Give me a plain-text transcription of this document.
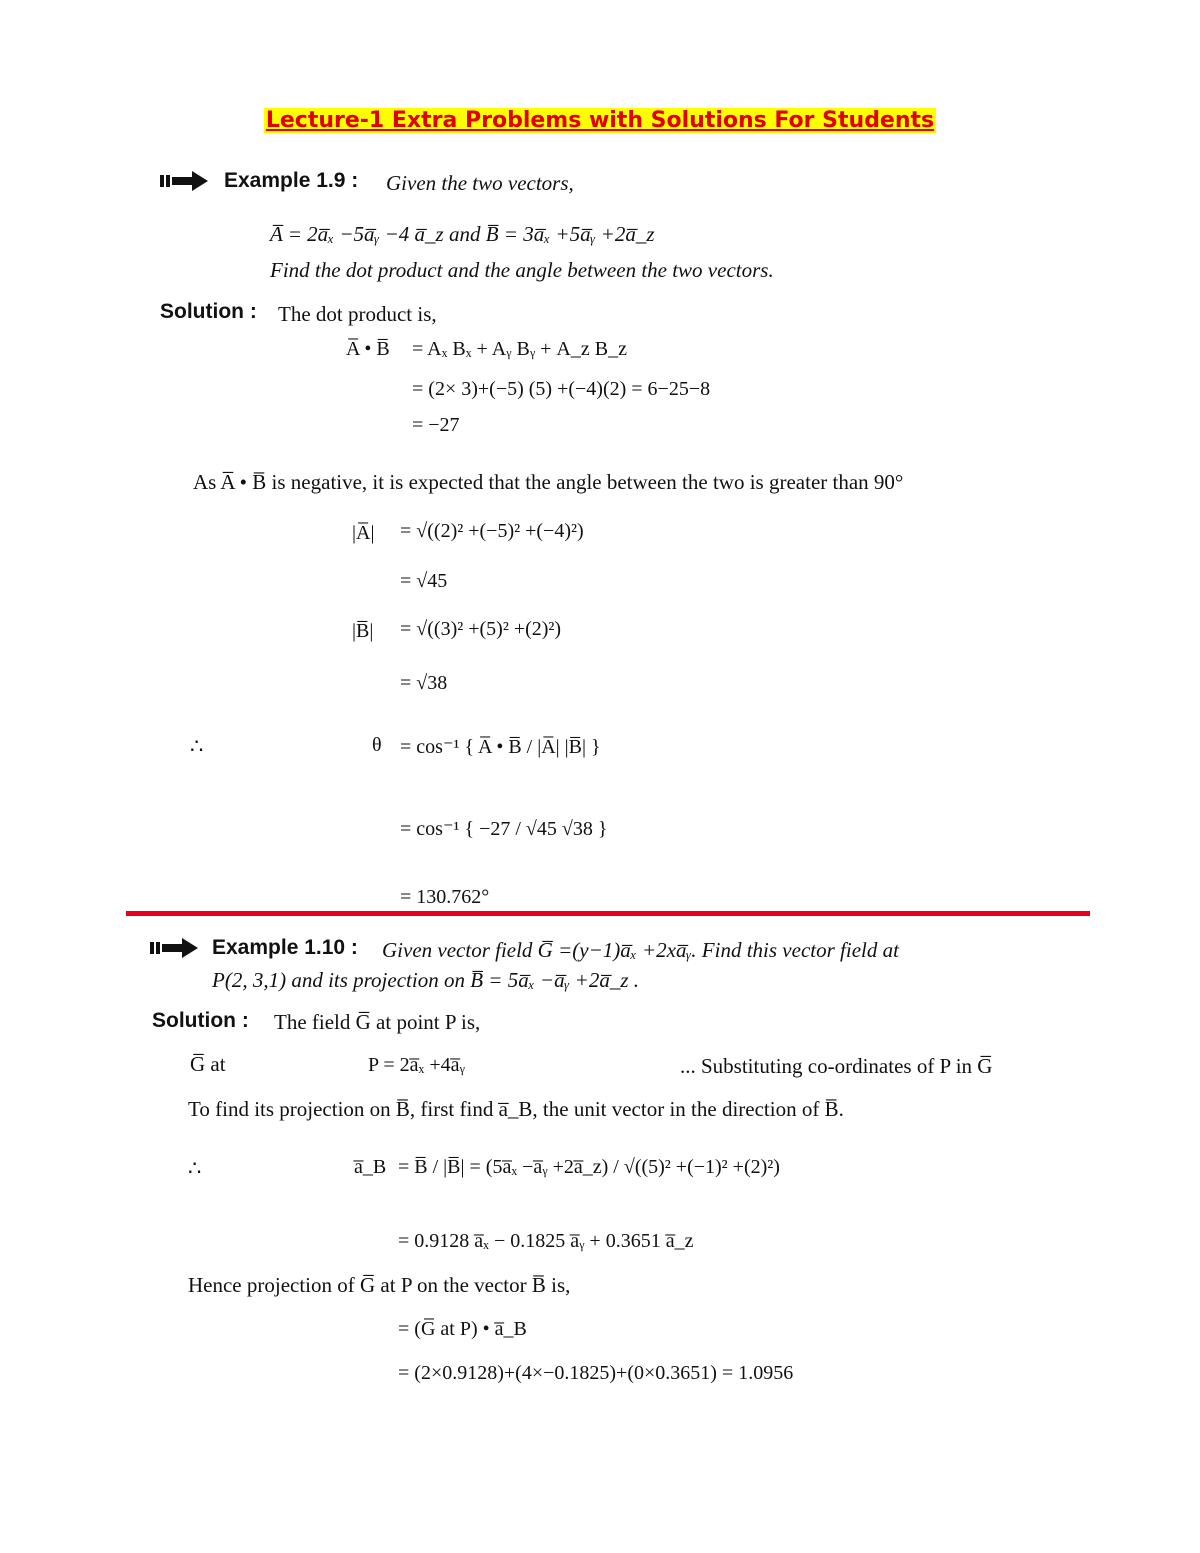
Lecture-1 Extra Problems with Solutions For Students
Example 1.9 : Given the two vectors,
A̅ = 2a̅ₓ −5a̅ᵧ −4 a̅_z and B̅ = 3a̅ₓ +5a̅ᵧ +2a̅_z
Find the dot product and the angle between the two vectors.
Solution : The dot product is,
A̅ • B̅ = Aₓ Bₓ + Aᵧ Bᵧ + A_z B_z
= (2× 3)+(−5) (5) +(−4)(2) = 6−25−8
= −27
As A̅ • B̅ is negative, it is expected that the angle between the two is greater than 90°
|A̅| = √((2)² +(−5)² +(−4)²)
= √45
|B̅| = √((3)² +(5)² +(2)²)
= √38
∴	θ = cos⁻¹ { A̅ • B̅ / |A̅| |B̅| }
= cos⁻¹ { −27 / √45 √38 }
= 130.762°
Example 1.10 : Given vector field G̅ =(y−1)a̅ₓ +2xa̅ᵧ. Find this vector field at
P(2, 3,1) and its projection on B̅ = 5a̅ₓ −a̅ᵧ +2a̅_z .
Solution : The field G̅ at point P is,
G̅ at	P = 2a̅ₓ +4a̅ᵧ	... Substituting co-ordinates of P in G̅
To find its projection on B̅, first find a̅_B, the unit vector in the direction of B̅.
∴	a̅_B = B̅ / |B̅| = (5a̅ₓ −a̅ᵧ +2a̅_z) / √((5)² +(−1)² +(2)²)
= 0.9128 a̅ₓ − 0.1825 a̅ᵧ + 0.3651 a̅_z
Hence projection of G̅ at P on the vector B̅ is,
= (G̅ at P) • a̅_B
= (2×0.9128)+(4×−0.1825)+(0×0.3651) = 1.0956
